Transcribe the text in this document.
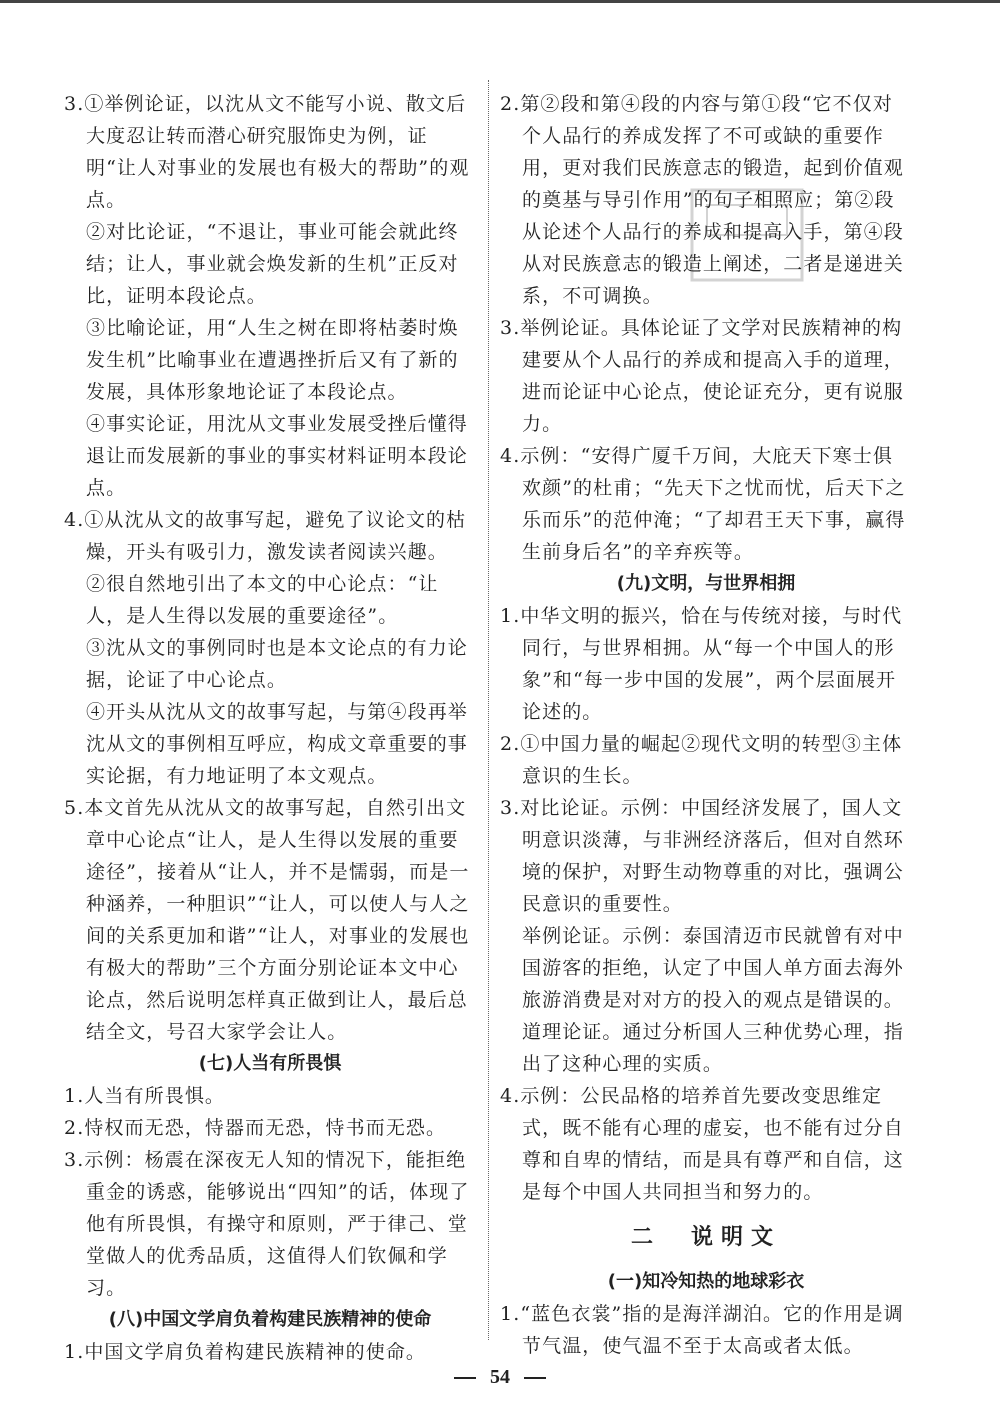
3.①举例论证，以沈从文不能写小说、散文后大度忍让转而潜心研究服饰史为例，证明“让人对事业的发展也有极大的帮助”的观点。

②对比论证，“不退让，事业可能会就此终结；让人，事业就会焕发新的生机”正反对比，证明本段论点。

③比喻论证，用“人生之树在即将枯萎时焕发生机”比喻事业在遭遇挫折后又有了新的发展，具体形象地论证了本段论点。

④事实论证，用沈从文事业发展受挫后懂得退让而发展新的事业的事实材料证明本段论点。

4.①从沈从文的故事写起，避免了议论文的枯燥，开头有吸引力，激发读者阅读兴趣。

②很自然地引出了本文的中心论点：“让人，是人生得以发展的重要途径”。

③沈从文的事例同时也是本文论点的有力论据，论证了中心论点。

④开头从沈从文的故事写起，与第④段再举沈从文的事例相互呼应，构成文章重要的事实论据，有力地证明了本文观点。

5.本文首先从沈从文的故事写起，自然引出文章中心论点“让人，是人生得以发展的重要途径”，接着从“让人，并不是懦弱，而是一种涵养，一种胆识”“让人，可以使人与人之间的关系更加和谐”“让人，对事业的发展也有极大的帮助”三个方面分别论证本文中心论点，然后说明怎样真正做到让人，最后总结全文，号召大家学会让人。

(七)人当有所畏惧

1.人当有所畏惧。

2.恃权而无恐，恃器而无恐，恃书而无恐。

3.示例：杨震在深夜无人知的情况下，能拒绝重金的诱惑，能够说出“四知”的话，体现了他有所畏惧，有操守和原则，严于律己、堂堂做人的优秀品质，这值得人们钦佩和学习。

(八)中国文学肩负着构建民族精神的使命

1.中国文学肩负着构建民族精神的使命。

2.第②段和第④段的内容与第①段“它不仅对个人品行的养成发挥了不可或缺的重要作用，更对我们民族意志的锻造，起到价值观的奠基与导引作用”的句子相照应；第②段从论述个人品行的养成和提高入手，第④段从对民族意志的锻造上阐述，二者是递进关系，不可调换。

3.举例论证。具体论证了文学对民族精神的构建要从个人品行的养成和提高入手的道理，进而论证中心论点，使论证充分，更有说服力。

4.示例：“安得广厦千万间，大庇天下寒士俱欢颜”的杜甫；“先天下之忧而忧，后天下之乐而乐”的范仲淹；“了却君王天下事，赢得生前身后名”的辛弃疾等。

(九)文明，与世界相拥

1.中华文明的振兴，恰在与传统对接，与时代同行，与世界相拥。从“每一个中国人的形象”和“每一步中国的发展”，两个层面展开论述的。

2.①中国力量的崛起②现代文明的转型③主体意识的生长。

3.对比论证。示例：中国经济发展了，国人文明意识淡薄，与非洲经济落后，但对自然环境的保护，对野生动物尊重的对比，强调公民意识的重要性。

举例论证。示例：泰国清迈市民就曾有对中国游客的拒绝，认定了中国人单方面去海外旅游消费是对对方的投入的观点是错误的。

道理论证。通过分析国人三种优势心理，指出了这种心理的实质。

4.示例：公民品格的培养首先要改变思维定式，既不能有心理的虚妄，也不能有过分自尊和自卑的情结，而是具有尊严和自信，这是每个中国人共同担当和努力的。

二　说明文

(一)知冷知热的地球彩衣

1.“蓝色衣裳”指的是海洋湖泊。它的作用是调节气温，使气温不至于太高或者太低。

54
